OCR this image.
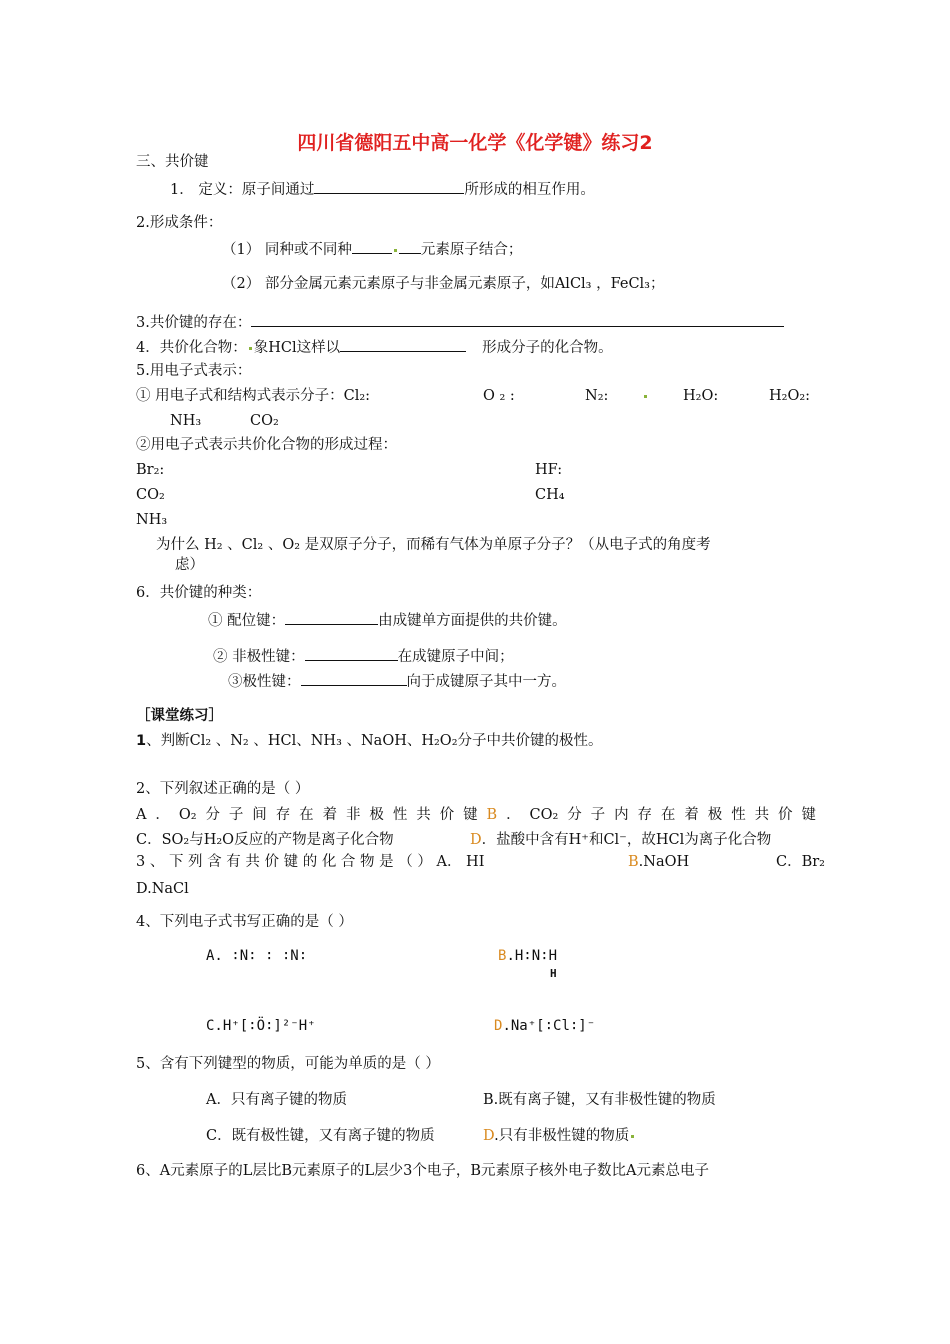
四川省德阳五中高一化学《化学键》练习2
三、共价键
1． 定义：原子间通过	所形成的相互作用。
2.形成条件：
（1） 同种或不同种	元素原子结合；
（2） 部分金属元素元素原子与非金属元素原子，如AlCl₃ ，FeCl₃；
3.共价键的存在：
4．共价化合物： 象HCl这样以	形成分子的化合物。
5.用电子式表示：
① 用电子式和结构式表示分子：Cl₂:	O ₂ :	N₂:	H₂O:	H₂O₂:
NH₃	CO₂
②用电子式表示共价化合物的形成过程：
Br₂:	HF:
CO₂	CH₄
NH₃
为什么 H₂ 、Cl₂ 、O₂ 是双原子分子，而稀有气体为单原子分子？（从电子式的角度考
虑）
6．共价键的种类：
① 配位键：	由成键单方面提供的共价键。
② 非极性键：	在成键原子中间；
③极性键：	向于成键原子其中一方。
［课堂练习］
1、判断Cl₂ 、N₂ 、HCl、NH₃ 、NaOH、H₂O₂分子中共价键的极性。
2、下列叙述正确的是（ ）
A ． O₂ 分 子 间 存 在 着 非 极 性 共 价 键 B ． CO₂ 分 子 内 存 在 着 极 性 共 价 键
C．SO₂与H₂O反应的产物是离子化合物	D．盐酸中含有H⁺和Cl⁻，故HCl为离子化合物
3 、 下 列 含 有 共 价 键 的 化 合 物 是 （ ） A． HI	B.NaOH	C．Br₂
D.NaCl
4、下列电子式书写正确的是（ ）
A. ∶N∶ ∶ ∶N∶	B.H∶N∶H
H
C.H⁺[∶Ö∶]²⁻H⁺	D.Na⁺[∶Cl∶]⁻
5、含有下列键型的物质，可能为单质的是（ ）
A．只有离子键的物质	B.既有离子键，又有非极性键的物质
C．既有极性键，又有离子键的物质	D.只有非极性键的物质
6、A元素原子的L层比B元素原子的L层少3个电子，B元素原子核外电子数比A元素总电子
